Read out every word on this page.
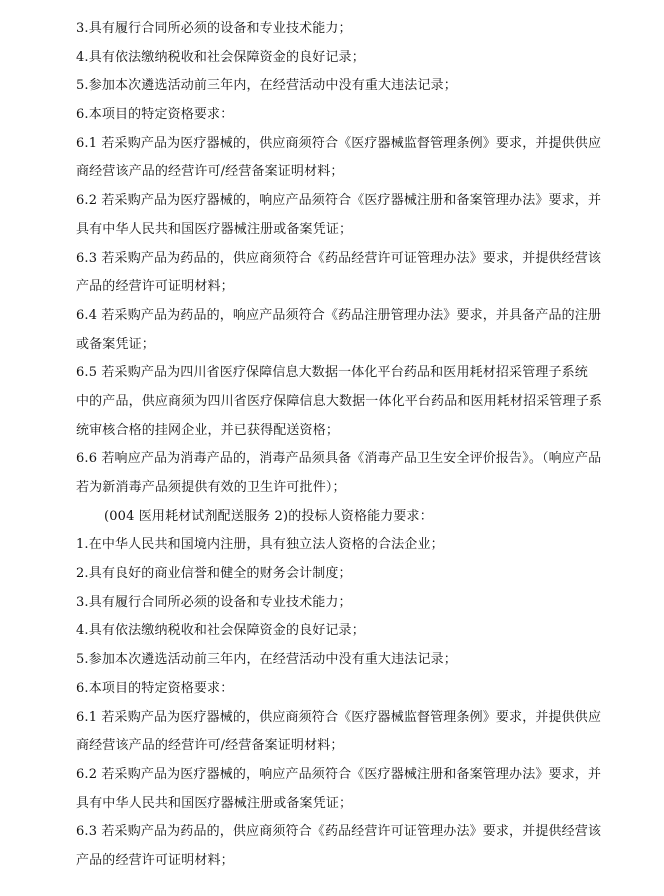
3.具有履行合同所必须的设备和专业技术能力；
4.具有依法缴纳税收和社会保障资金的良好记录；
5.参加本次遴选活动前三年内，在经营活动中没有重大违法记录；
6.本项目的特定资格要求：
6.1 若采购产品为医疗器械的，供应商须符合《医疗器械监督管理条例》要求，并提供供应
商经营该产品的经营许可/经营备案证明材料；
6.2 若采购产品为医疗器械的，响应产品须符合《医疗器械注册和备案管理办法》要求，并
具有中华人民共和国医疗器械注册或备案凭证；
6.3 若采购产品为药品的，供应商须符合《药品经营许可证管理办法》要求，并提供经营该
产品的经营许可证明材料；
6.4 若采购产品为药品的，响应产品须符合《药品注册管理办法》要求，并具备产品的注册
或备案凭证；
6.5 若采购产品为四川省医疗保障信息大数据一体化平台药品和医用耗材招采管理子系统
中的产品，供应商须为四川省医疗保障信息大数据一体化平台药品和医用耗材招采管理子系
统审核合格的挂网企业，并已获得配送资格；
6.6 若响应产品为消毒产品的，消毒产品须具备《消毒产品卫生安全评价报告》。（响应产品
若为新消毒产品须提供有效的卫生许可批件）；
(004 医用耗材试剂配送服务 2)的投标人资格能力要求：
1.在中华人民共和国境内注册，具有独立法人资格的合法企业；
2.具有良好的商业信誉和健全的财务会计制度；
3.具有履行合同所必须的设备和专业技术能力；
4.具有依法缴纳税收和社会保障资金的良好记录；
5.参加本次遴选活动前三年内，在经营活动中没有重大违法记录；
6.本项目的特定资格要求：
6.1 若采购产品为医疗器械的，供应商须符合《医疗器械监督管理条例》要求，并提供供应
商经营该产品的经营许可/经营备案证明材料；
6.2 若采购产品为医疗器械的，响应产品须符合《医疗器械注册和备案管理办法》要求，并
具有中华人民共和国医疗器械注册或备案凭证；
6.3 若采购产品为药品的，供应商须符合《药品经营许可证管理办法》要求，并提供经营该
产品的经营许可证明材料；
